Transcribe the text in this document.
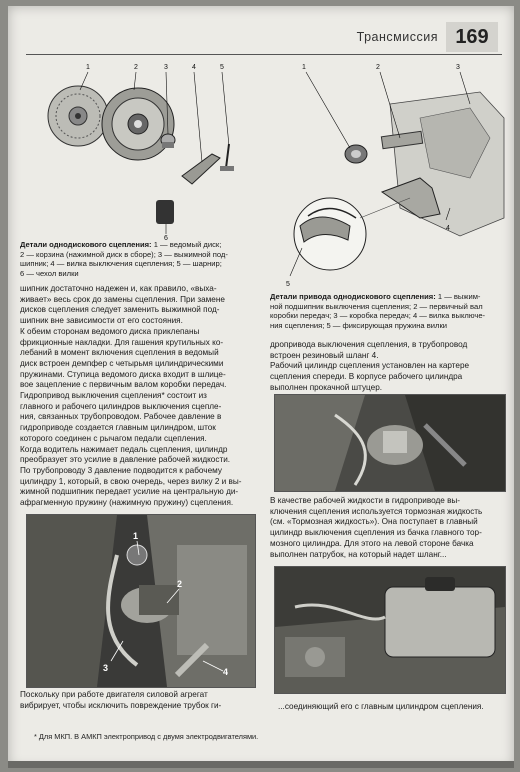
Трансмиссия 169
1	2	3	4	5
6

Детали однодискового сцепления: 1 — ведомый диск;
2 — корзина (нажимной диск в сборе); 3 — выжимной под-
шипник; 4 — вилка выключения сцепления; 5 — шарнир;
6 — чехол вилки

1	2	3
4
5

Детали привода однодискового сцепления: 1 — выжим-
ной подшипник выключения сцепления; 2 — первичный вал
коробки передач; 3 — коробка передач; 4 — вилка выключе-
ния сцепления; 5 — фиксирующая пружина вилки

шипник достаточно надежен и, как правило, «выха-
живает» весь срок до замены сцепления. При замене
дисков сцепления следует заменить выжимной под-
шипник вне зависимости от его состояния.
К обеим сторонам ведомого диска приклепаны
фрикционные накладки. Для гашения крутильных ко-
лебаний в момент включения сцепления в ведомый
диск встроен демпфер с четырьмя цилиндрическими
пружинами. Ступица ведомого диска входит в шлице-
вое зацепление с первичным валом коробки передач.
Гидропривод выключения сцепления* состоит из
главного и рабочего цилиндров выключения сцепле-
ния, связанных трубопроводом. Рабочее давление в
гидроприводе создается главным цилиндром, шток
которого соединен с рычагом педали сцепления.
Когда водитель нажимает педаль сцепления, цилиндр
преобразует это усилие в давление рабочей жидкости.
По трубопроводу 3 давление подводится к рабочему
цилиндру 1, который, в свою очередь, через вилку 2 и вы-
жимной подшипник передает усилие на центральную ди-
афрагменную пружину (нажимную пружину) сцепления.
1
2
3	4
Поскольку при работе двигателя силовой агрегат
вибрирует, чтобы исключить повреждение трубок ги-
* Для МКП. В АМКП электропривод с двумя электродвигателями.
дроприводa выключения сцепления, в трубопровод
встроен резиновый шланг 4.
Рабочий цилиндр сцепления установлен на картере
сцепления спереди. В корпусе рабочего цилиндра
выполнен прокачной штуцер.
В качестве рабочей жидкости в гидроприводе вы-
ключения сцепления используется тормозная жидкость
(см. «Тормозная жидкость»). Она поступает в главный
цилиндр выключения сцепления из бачка главного тор-
мозного цилиндра. Для этого на левой стороне бачка
выполнен патрубок, на который надет шланг...
...соединяющий его с главным цилиндром сцепления.
